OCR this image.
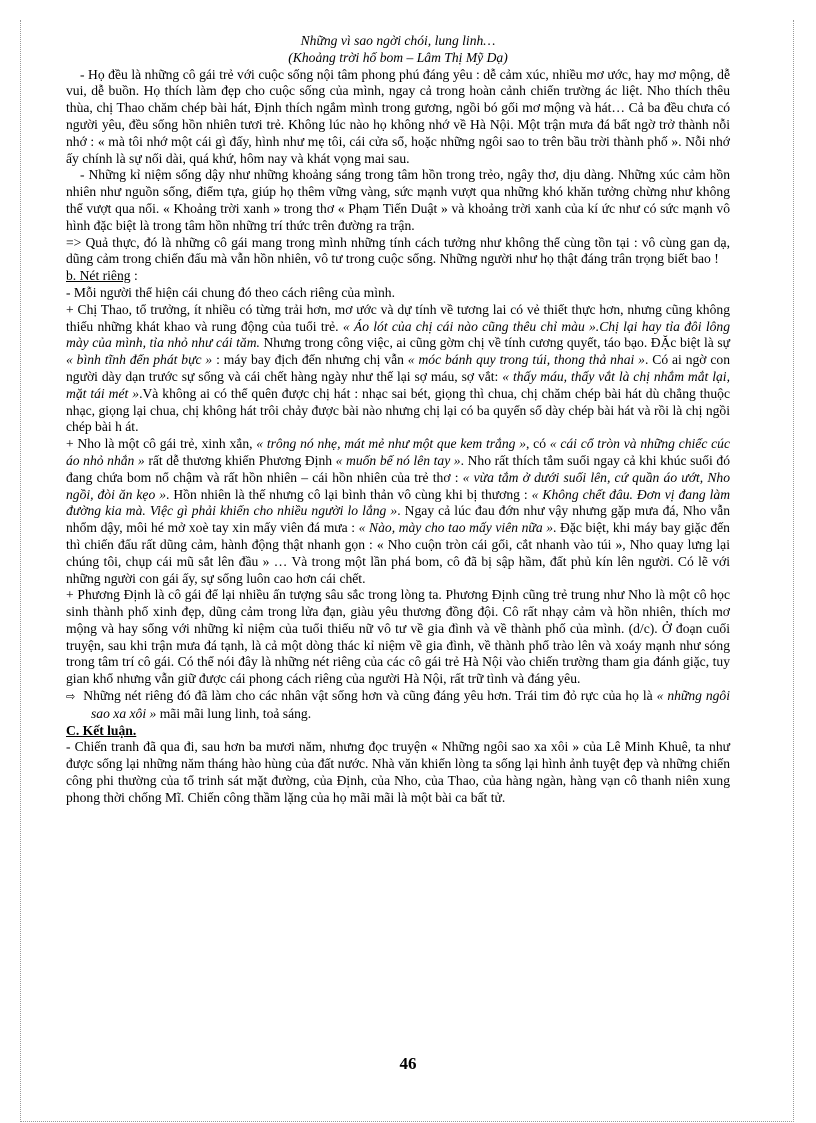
Những vì sao ngời chói, lung linh…

(Khoảng trời hố bom – Lâm Thị Mỹ Dạ)

- Họ đều là những cô gái trẻ với cuộc sống nội tâm phong phú đáng yêu : dễ cảm xúc, nhiều mơ ước, hay mơ mộng, dễ vui, dễ buồn. Họ thích làm đẹp cho cuộc sống của mình, ngay cả trong hoàn cảnh chiến trường ác liệt. Nho thích thêu thùa, chị Thao chăm chép bài hát, Định thích ngắm mình trong gương, ngồi bó gối mơ mộng và hát… Cả ba đều chưa có người yêu, đều sống hồn nhiên tươi trẻ. Không lúc nào họ không nhớ về Hà Nội. Một trận mưa đá bất ngờ trở thành nỗi nhớ : « mà tôi nhớ một cái gì đấy, hình như mẹ tôi, cái cửa sổ, hoặc những ngôi sao to trên bầu trời thành phố ». Nỗi nhớ ấy chính là sự nối dài, quá khứ, hôm nay và khát vọng mai sau.

- Những kỉ niệm sống dậy như những khoảng sáng trong tâm hồn trong trẻo, ngây thơ, dịu dàng. Những xúc cảm hồn nhiên như nguồn sống, điểm tựa, giúp họ thêm vững vàng, sức mạnh vượt qua những khó khăn tưởng chừng như không thể vượt qua nổi. « Khoảng trời xanh » trong thơ « Phạm Tiến Duật » và khoảng trời xanh của kí ức như có sức mạnh vô hình đặc biệt là trong tâm hồn những trí thức trên đường ra trận.

=> Quả thực, đó là những cô gái mang trong mình những tính cách tưởng như không thể cùng tồn tại : vô cùng gan dạ, dũng cảm trong chiến đấu mà vẫn hồn nhiên, vô tư trong cuộc sống. Những người như họ thật đáng trân trọng biết bao !

b. Nét riêng :

- Mỗi người thể hiện cái chung đó theo cách riêng của mình.

+ Chị Thao, tổ trưởng, ít nhiều có từng trải hơn, mơ ước và dự tính về tương lai có vẻ thiết thực hơn, nhưng cũng không thiếu những khát khao và rung động của tuổi trẻ. « Áo lót của chị cái nào cũng thêu chỉ màu ».Chị lại hay tỉa đôi lông mày của mình, tỉa nhỏ như cái tăm. Nhưng trong công việc, ai cũng gờm chị về tính cương quyết, táo bạo. ĐẶc biệt là sự « bình tĩnh đến phát bực » : máy bay địch đến nhưng chị vẫn « móc bánh quy trong túi, thong thả nhai ». Có ai ngờ con người dày dạn trước sự sống và cái chết hàng ngày như thế lại sợ máu, sợ vắt: « thấy máu, thấy vắt là chị nhắm mắt lại, mặt tái mét ».Và không ai có thể quên được chị hát : nhạc sai bét, giọng thì chua, chị chăm chép bài hát dù chẳng thuộc nhạc, giọng lại chua, chị không hát trôi chảy được bài nào nhưng chị lại có ba quyển sổ dày chép bài hát và rồi là chị ngồi chép bài h át.

+ Nho là một cô gái trẻ, xinh xắn, « trông nó nhẹ, mát mẻ như một que kem trắng », có « cái cổ tròn và những chiếc cúc áo nhỏ nhắn » rất dễ thương khiến Phương Định « muốn bế nó lên tay ». Nho rất thích tắm suối ngay cả khi khúc suối đó đang chứa bom nổ chậm và rất hồn nhiên – cái hồn nhiên của trẻ thơ : « vừa tắm ở dưới suối lên, cứ quần áo ướt, Nho ngồi, đòi ăn kẹo ». Hồn nhiên là thế nhưng cô lại bình thản vô cùng khi bị thương : « Không chết đâu. Đơn vị đang làm đường kia mà. Việc gì phải khiến cho nhiều người lo lắng ». Ngay cả lúc đau đớn như vậy nhưng gặp mưa đá, Nho vẫn nhổm dậy, môi hé mở xoè tay xin mấy viên đá mưa : « Nào, mày cho tao mấy viên nữa ». Đặc biệt, khi máy bay giặc đến thì chiến đấu rất dũng cảm, hành động thật nhanh gọn : « Nho cuộn tròn cái gối, cắt nhanh vào túi », Nho quay lưng lại chúng tôi, chụp cái mũ sắt lên đầu » … Và trong một lần phá bom, cô đã bị sập hầm, đất phủ kín lên người. Có lẽ với những người con gái ấy, sự sống luôn cao hơn cái chết.

+ Phương Định là cô gái để lại nhiều ấn tượng sâu sắc trong lòng ta. Phương Định cũng trẻ trung như Nho là một cô học sinh thành phố xinh đẹp, dũng cảm trong lửa đạn, giàu yêu thương đồng đội. Cô rất nhạy cảm và hồn nhiên, thích mơ mộng và hay sống với những kỉ niệm của tuổi thiếu nữ vô tư về gia đình và về thành phố của mình. (d/c). Ở đoạn cuối truyện, sau khi trận mưa đá tạnh, là cả một dòng thác kỉ niệm về gia đình, về thành phố trào lên và xoáy mạnh như sóng trong tâm trí cô gái. Có thể nói đây là những nét riêng của các cô gái trẻ Hà Nội vào chiến trường tham gia đánh giặc, tuy gian khổ nhưng vẫn giữ được cái phong cách riêng của người Hà Nội, rất trữ tình và đáng yêu.

⇨  Những nét riêng đó đã làm cho các nhân vật sống hơn và cũng đáng yêu hơn. Trái tim đỏ rực của họ là « những ngôi sao xa xôi » mãi mãi lung linh, toả sáng.

C. Kết luận.

- Chiến tranh đã qua đi, sau hơn ba mươi năm, nhưng đọc truyện « Những ngôi sao xa xôi » của Lê Minh Khuê, ta như được sống lại những năm tháng hào hùng của đất nước. Nhà văn khiến lòng ta sống lại hình ảnh tuyệt đẹp và những chiến công phi thường của tổ trinh sát mặt đường, của Định, của Nho, của Thao, của hàng ngàn, hàng vạn cô thanh niên xung phong thời chống Mĩ. Chiến công thầm lặng của họ mãi mãi là một bài ca bất tử.

46
